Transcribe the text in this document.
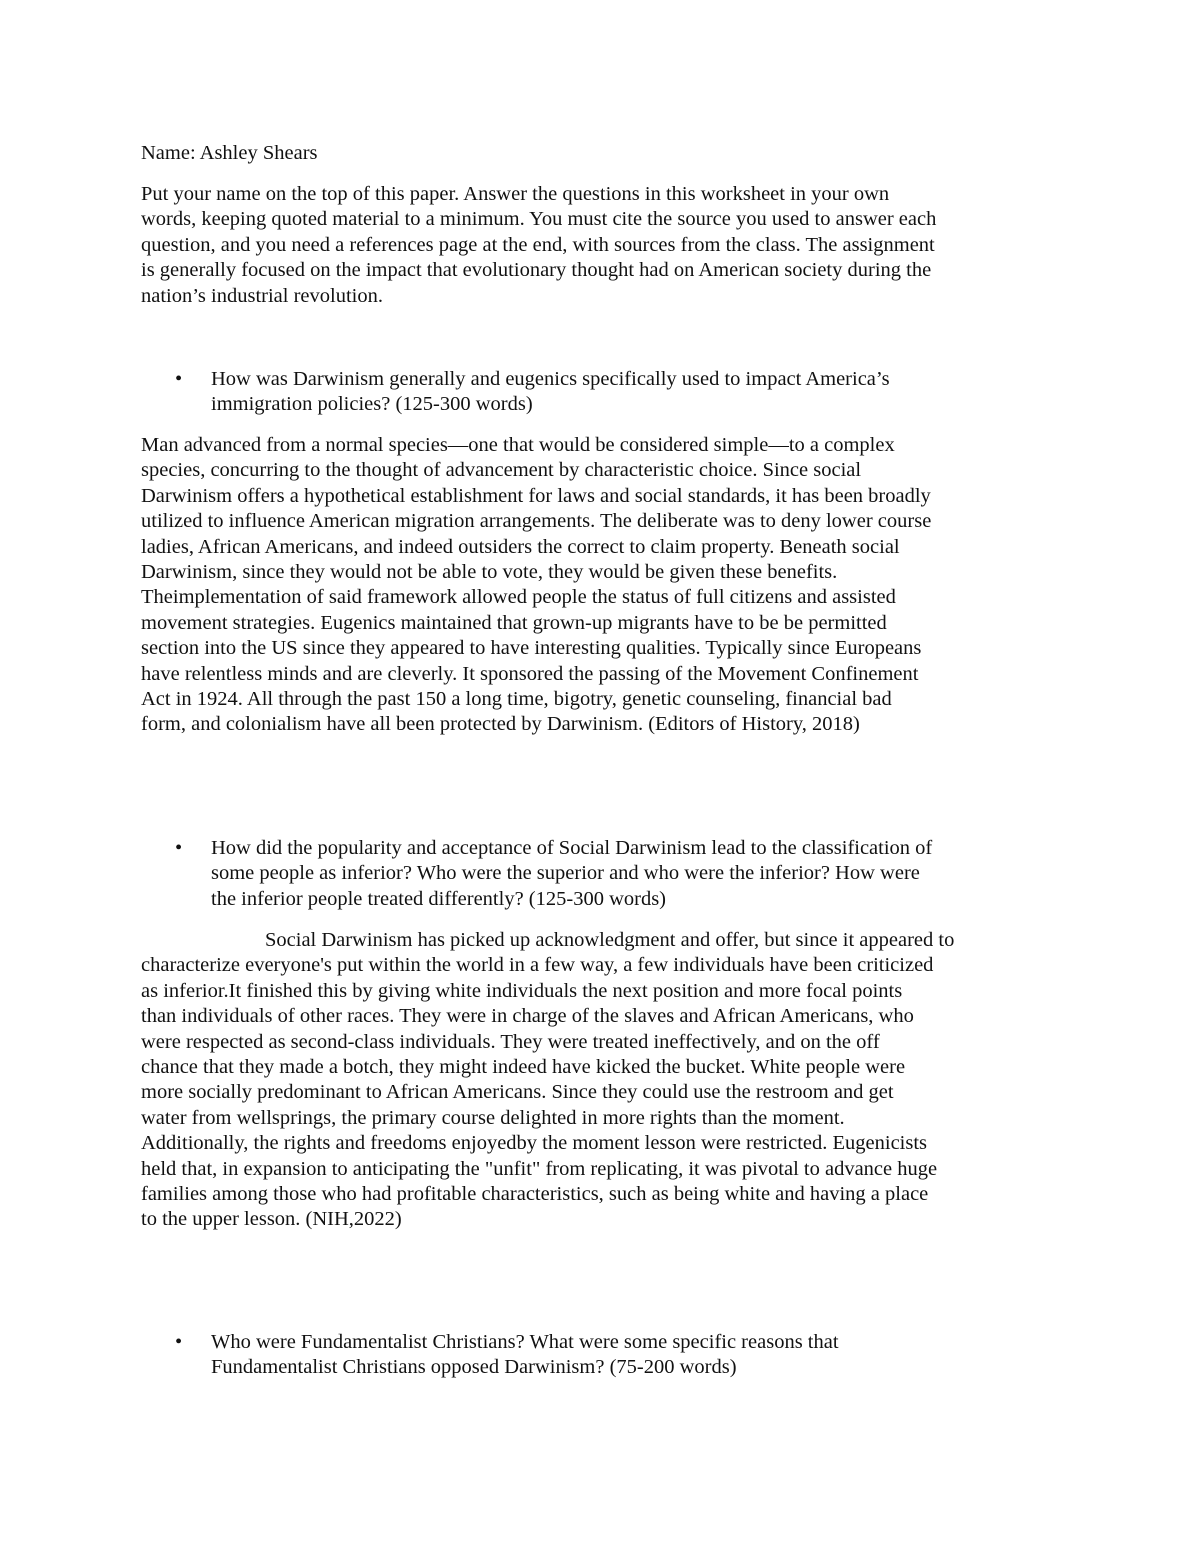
Name: Ashley Shears

Put your name on the top of this paper. Answer the questions in this worksheet in your own
words, keeping quoted material to a minimum. You must cite the source you used to answer each
question, and you need a references page at the end, with sources from the class. The assignment
is generally focused on the impact that evolutionary thought had on American society during the
nation’s industrial revolution.

• How was Darwinism generally and eugenics specifically used to impact America’s
immigration policies? (125-300 words)

Man advanced from a normal species—one that would be considered simple—to a complex
species, concurring to the thought of advancement by characteristic choice. Since social
Darwinism offers a hypothetical establishment for laws and social standards, it has been broadly
utilized to influence American migration arrangements. The deliberate was to deny lower course
ladies, African Americans, and indeed outsiders the correct to claim property. Beneath social
Darwinism, since they would not be able to vote, they would be given these benefits.
Theimplementation of said framework allowed people the status of full citizens and assisted
movement strategies. Eugenics maintained that grown-up migrants have to be be permitted
section into the US since they appeared to have interesting qualities. Typically since Europeans
have relentless minds and are cleverly. It sponsored the passing of the Movement Confinement
Act in 1924. All through the past 150 a long time, bigotry, genetic counseling, financial bad
form, and colonialism have all been protected by Darwinism. (Editors of History, 2018)

• How did the popularity and acceptance of Social Darwinism lead to the classification of
some people as inferior? Who were the superior and who were the inferior? How were
the inferior people treated differently? (125-300 words)

Social Darwinism has picked up acknowledgment and offer, but since it appeared to
characterize everyone's put within the world in a few way, a few individuals have been criticized
as inferior.It finished this by giving white individuals the next position and more focal points
than individuals of other races. They were in charge of the slaves and African Americans, who
were respected as second-class individuals. They were treated ineffectively, and on the off
chance that they made a botch, they might indeed have kicked the bucket. White people were
more socially predominant to African Americans. Since they could use the restroom and get
water from wellsprings, the primary course delighted in more rights than the moment.
Additionally, the rights and freedoms enjoyedby the moment lesson were restricted. Eugenicists
held that, in expansion to anticipating the "unfit" from replicating, it was pivotal to advance huge
families among those who had profitable characteristics, such as being white and having a place
to the upper lesson. (NIH,2022)

• Who were Fundamentalist Christians? What were some specific reasons that
Fundamentalist Christians opposed Darwinism? (75-200 words)
